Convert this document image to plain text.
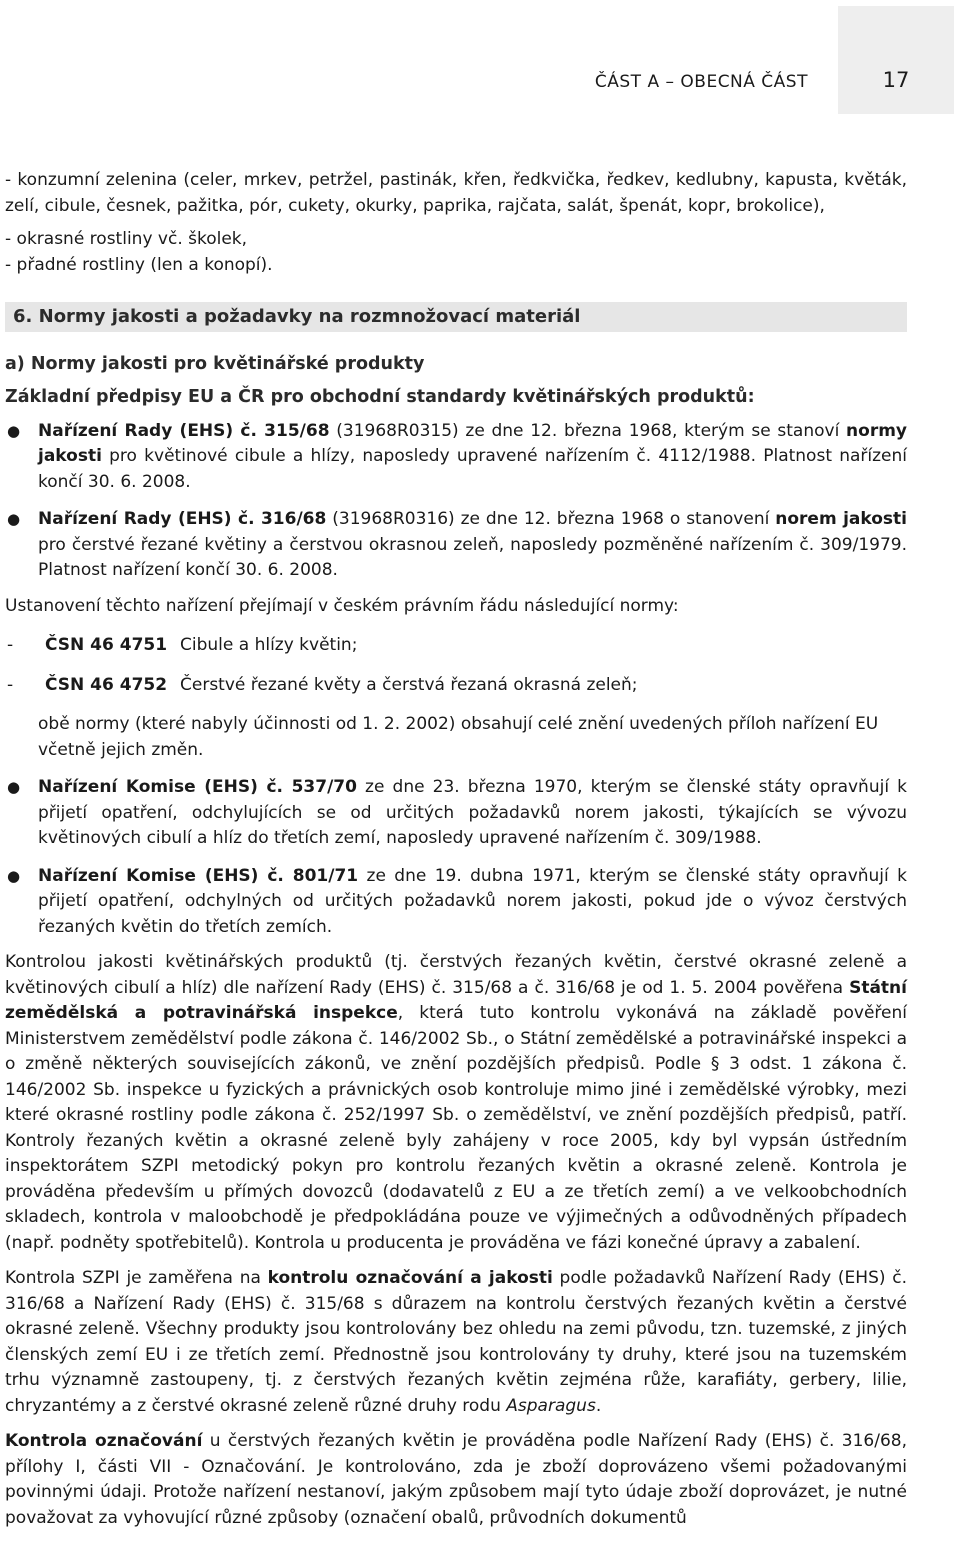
ČÁST A – OBECNÁ ČÁST	17

- konzumní zelenina (celer, mrkev, petržel, pastinák, křen, ředkvička, ředkev, kedlubny, kapusta, květák, zelí, cibule, česnek, pažitka, pór, cukety, okurky, paprika, rajčata, salát, špenát, kopr, brokolice),

- okrasné rostliny vč. školek,

- přadné rostliny (len a konopí).

6. Normy jakosti a požadavky na rozmnožovací materiál

a) Normy jakosti pro květinářské produkty

Základní předpisy EU a ČR pro obchodní standardy květinářských produktů:

● Nařízení Rady (EHS) č. 315/68 (31968R0315) ze dne 12. března 1968, kterým se stanoví normy jakosti pro květinové cibule a hlízy, naposledy upravené nařízením č. 4112/1988. Platnost nařízení končí 30. 6. 2008.
● Nařízení Rady (EHS) č. 316/68 (31968R0316) ze dne 12. března 1968 o stanovení norem jakosti pro čerstvé řezané květiny a čerstvou okrasnou zeleň, naposledy pozměněné nařízením č. 309/1979. Platnost nařízení končí 30. 6. 2008.

Ustanovení těchto nařízení přejímají v českém právním řádu následující normy:

- ČSN 46 4751 Cibule a hlízy květin;
- ČSN 46 4752 Čerstvé řezané květy a čerstvá řezaná okrasná zeleň;

obě normy (které nabyly účinnosti od 1. 2. 2002) obsahují celé znění uvedených příloh nařízení EU včetně jejich změn.

● Nařízení Komise (EHS) č. 537/70 ze dne 23. března 1970, kterým se členské státy opravňují k přijetí opatření, odchylujících se od určitých požadavků norem jakosti, týkajících se vývozu květinových cibulí a hlíz do třetích zemí, naposledy upravené nařízením č. 309/1988.
● Nařízení Komise (EHS) č. 801/71 ze dne 19. dubna 1971, kterým se členské státy opravňují k přijetí opatření, odchylných od určitých požadavků norem jakosti, pokud jde o vývoz čerstvých řezaných květin do třetích zemích.

Kontrolou jakosti květinářských produktů (tj. čerstvých řezaných květin, čerstvé okrasné zeleně a květinových cibulí a hlíz) dle nařízení Rady (EHS) č. 315/68 a č. 316/68 je od 1. 5. 2004 pověřena Státní zemědělská a potravinářská inspekce, která tuto kontrolu vykonává na základě pověření Ministerstvem zemědělství podle zákona č. 146/2002 Sb., o Státní zemědělské a potravinářské inspekci a o změně některých souvisejících zákonů, ve znění pozdějších předpisů. Podle § 3 odst. 1 zákona č. 146/2002 Sb. inspekce u fyzických a právnických osob kontroluje mimo jiné i zemědělské výrobky, mezi které okrasné rostliny podle zákona č. 252/1997 Sb. o zemědělství, ve znění pozdějších předpisů, patří. Kontroly řezaných květin a okrasné zeleně byly zahájeny v roce 2005, kdy byl vypsán ústředním inspektorátem SZPI metodický pokyn pro kontrolu řezaných květin a okrasné zeleně. Kontrola je prováděna především u přímých dovozců (dodavatelů z EU a ze třetích zemí) a ve velkoobchodních skladech, kontrola v maloobchodě je předpokládána pouze ve výjimečných a odůvodněných případech (např. podněty spotřebitelů). Kontrola u producenta je prováděna ve fázi konečné úpravy a zabalení.

Kontrola SZPI je zaměřena na kontrolu označování a jakosti podle požadavků Nařízení Rady (EHS) č. 316/68 a Nařízení Rady (EHS) č. 315/68 s důrazem na kontrolu čerstvých řezaných květin a čerstvé okrasné zeleně. Všechny produkty jsou kontrolovány bez ohledu na zemi původu, tzn. tuzemské, z jiných členských zemí EU i ze třetích zemí. Přednostně jsou kontrolovány ty druhy, které jsou na tuzemském trhu významně zastoupeny, tj. z čerstvých řezaných květin zejména růže, karafiáty, gerbery, lilie, chryzantémy a z čerstvé okrasné zeleně různé druhy rodu Asparagus.

Kontrola označování u čerstvých řezaných květin je prováděna podle Nařízení Rady (EHS) č. 316/68, přílohy I, části VII - Označování. Je kontrolováno, zda je zboží doprovázeno všemi požadovanými povinnými údaji. Protože nařízení nestanoví, jakým způsobem mají tyto údaje zboží doprovázet, je nutné považovat za vyhovující různé způsoby (označení obalů, průvodních dokumentů
